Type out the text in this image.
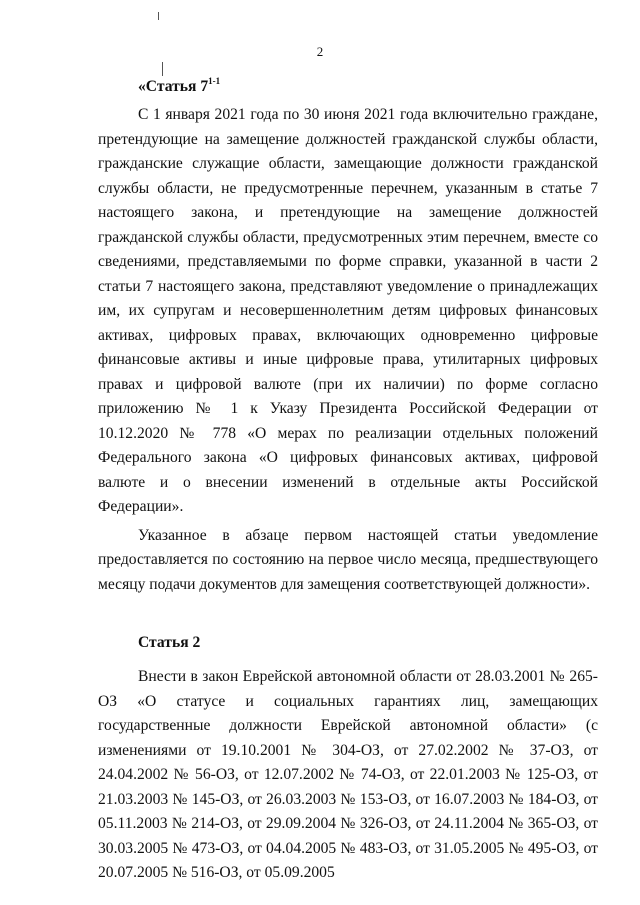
2

«Статья 7$^{1-1}$

С 1 января 2021 года по 30 июня 2021 года включительно граждане, претендующие на замещение должностей гражданской службы области, гражданские служащие области, замещающие должности гражданской службы области, не предусмотренные перечнем, указанным в статье 7 настоящего закона, и претендующие на замещение должностей гражданской службы области, предусмотренных этим перечнем, вместе со сведениями, представляемыми по форме справки, указанной в части 2 статьи 7 настоящего закона, представляют уведомление о принадлежащих им, их супругам и несовершеннолетним детям цифровых финансовых активах, цифровых правах, включающих одновременно цифровые финансовые активы и иные цифровые права, утилитарных цифровых правах и цифровой валюте (при их наличии) по форме согласно приложению № 1 к Указу Президента Российской Федерации от 10.12.2020 № 778 «О мерах по реализации отдельных положений Федерального закона «О цифровых финансовых активах, цифровой валюте и о внесении изменений в отдельные акты Российской Федерации».

Указанное в абзаце первом настоящей статьи уведомление предоставляется по состоянию на первое число месяца, предшествующего месяцу подачи документов для замещения соответствующей должности».

Статья 2

Внести в закон Еврейской автономной области от 28.03.2001 № 265-ОЗ «О статусе и социальных гарантиях лиц, замещающих государственные должности Еврейской автономной области» (с изменениями от 19.10.2001 № 304-ОЗ, от 27.02.2002 № 37-ОЗ, от 24.04.2002 № 56-ОЗ, от 12.07.2002 № 74-ОЗ, от 22.01.2003 № 125-ОЗ, от 21.03.2003 № 145-ОЗ, от 26.03.2003 № 153-ОЗ, от 16.07.2003 № 184-ОЗ, от 05.11.2003 № 214-ОЗ, от 29.09.2004 № 326-ОЗ, от 24.11.2004 № 365-ОЗ, от 30.03.2005 № 473-ОЗ, от 04.04.2005 № 483-ОЗ, от 31.05.2005 № 495-ОЗ, от 20.07.2005 № 516-ОЗ, от 05.09.2005
